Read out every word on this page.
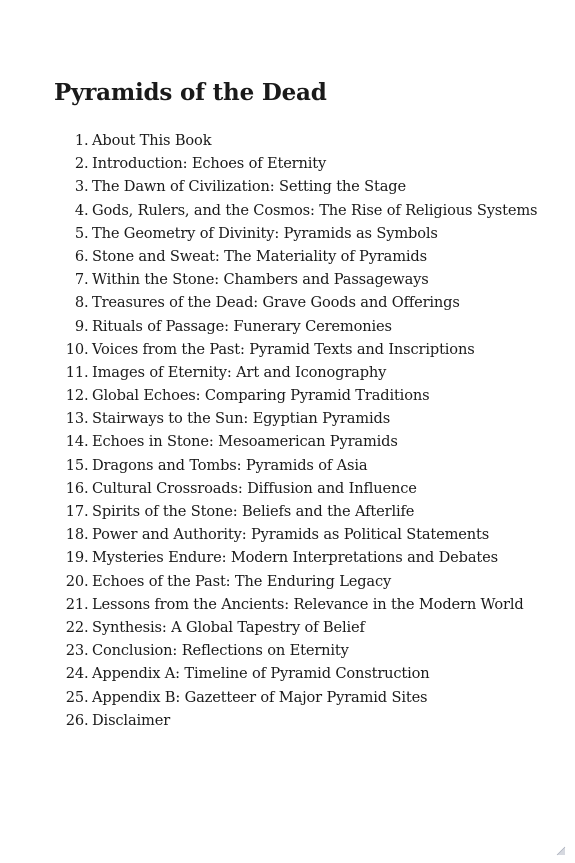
Pyramids of the Dead
1. About This Book
2. Introduction: Echoes of Eternity
3. The Dawn of Civilization: Setting the Stage
4. Gods, Rulers, and the Cosmos: The Rise of Religious Systems
5. The Geometry of Divinity: Pyramids as Symbols
6. Stone and Sweat: The Materiality of Pyramids
7. Within the Stone: Chambers and Passageways
8. Treasures of the Dead: Grave Goods and Offerings
9. Rituals of Passage: Funerary Ceremonies
10. Voices from the Past: Pyramid Texts and Inscriptions
11. Images of Eternity: Art and Iconography
12. Global Echoes: Comparing Pyramid Traditions
13. Stairways to the Sun: Egyptian Pyramids
14. Echoes in Stone: Mesoamerican Pyramids
15. Dragons and Tombs: Pyramids of Asia
16. Cultural Crossroads: Diffusion and Influence
17. Spirits of the Stone: Beliefs and the Afterlife
18. Power and Authority: Pyramids as Political Statements
19. Mysteries Endure: Modern Interpretations and Debates
20. Echoes of the Past: The Enduring Legacy
21. Lessons from the Ancients: Relevance in the Modern World
22. Synthesis: A Global Tapestry of Belief
23. Conclusion: Reflections on Eternity
24. Appendix A: Timeline of Pyramid Construction
25. Appendix B: Gazetteer of Major Pyramid Sites
26. Disclaimer
